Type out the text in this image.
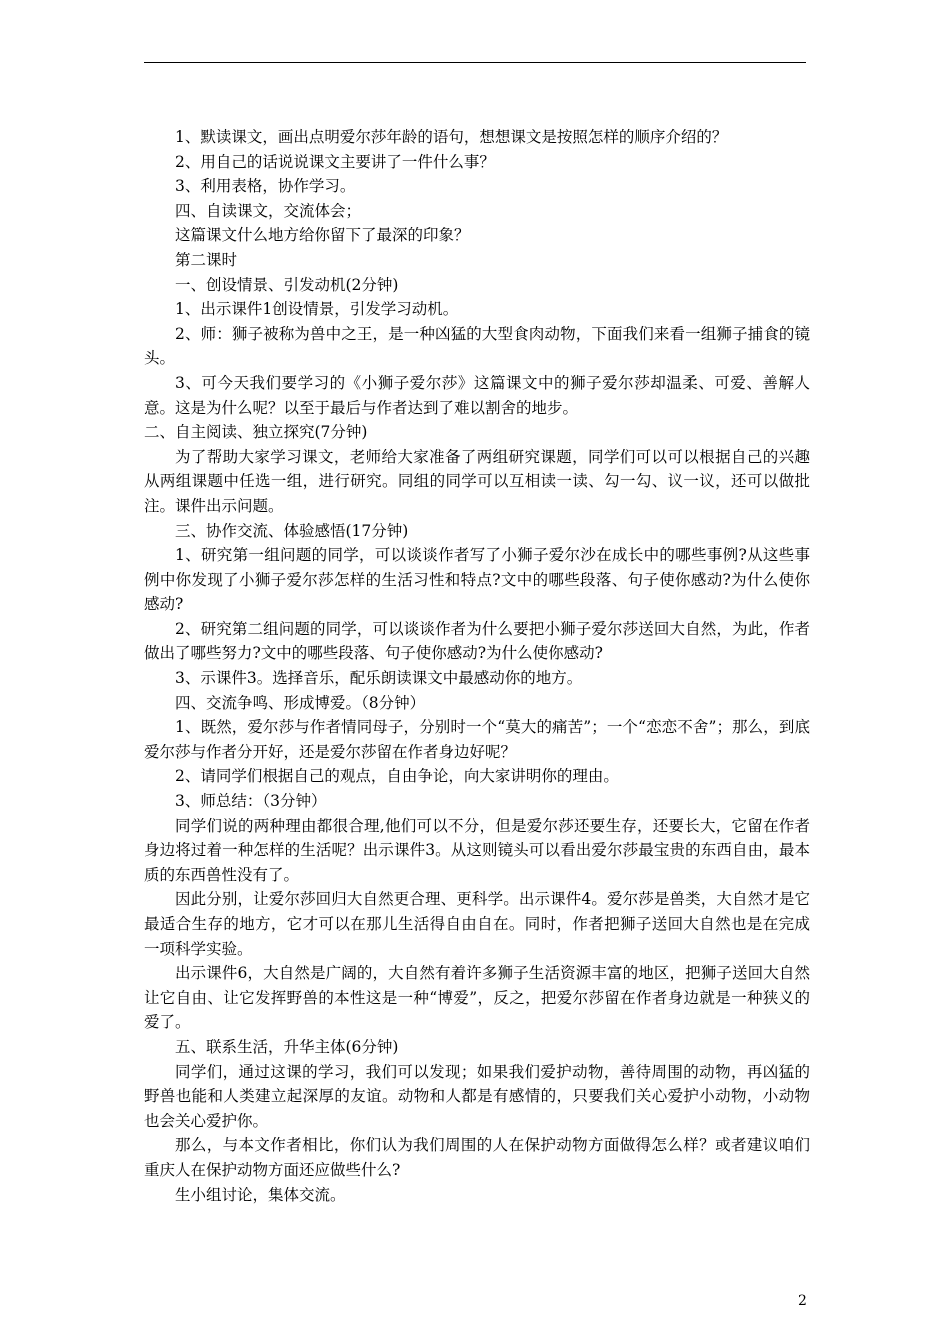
1、默读课文，画出点明爱尔莎年龄的语句，想想课文是按照怎样的顺序介绍的？

2、用自己的话说说课文主要讲了一件什么事？

3、利用表格，协作学习。

四、自读课文，交流体会；

这篇课文什么地方给你留下了最深的印象？

第二课时

一、创设情景、引发动机(2分钟)

1、出示课件1创设情景，引发学习动机。

2、师：狮子被称为兽中之王，是一种凶猛的大型食肉动物，下面我们来看一组狮子捕食的镜头。

3、可今天我们要学习的《小狮子爱尔莎》这篇课文中的狮子爱尔莎却温柔、可爱、善解人意。这是为什么呢？以至于最后与作者达到了难以割舍的地步。

二、自主阅读、独立探究(7分钟)

为了帮助大家学习课文，老师给大家准备了两组研究课题，同学们可以可以根据自己的兴趣从两组课题中任选一组，进行研究。同组的同学可以互相读一读、勾一勾、议一议，还可以做批注。课件出示问题。

三、协作交流、体验感悟(17分钟)

1、研究第一组问题的同学，可以谈谈作者写了小狮子爱尔沙在成长中的哪些事例?从这些事例中你发现了小狮子爱尔莎怎样的生活习性和特点?文中的哪些段落、句子使你感动?为什么使你感动?

2、研究第二组问题的同学，可以谈谈作者为什么要把小狮子爱尔莎送回大自然，为此，作者做出了哪些努力?文中的哪些段落、句子使你感动?为什么使你感动?

3、示课件3。选择音乐，配乐朗读课文中最感动你的地方。

四、交流争鸣、形成博爱。（8分钟）

1、既然，爱尔莎与作者情同母子，分别时一个“莫大的痛苦”；一个“恋恋不舍”；那么，到底爱尔莎与作者分开好，还是爱尔莎留在作者身边好呢？

2、请同学们根据自己的观点，自由争论，向大家讲明你的理由。

3、师总结：（3分钟）

同学们说的两种理由都很合理,他们可以不分，但是爱尔莎还要生存，还要长大，它留在作者身边将过着一种怎样的生活呢？出示课件3。从这则镜头可以看出爱尔莎最宝贵的东西自由，最本质的东西兽性没有了。

因此分别，让爱尔莎回归大自然更合理、更科学。出示课件4。爱尔莎是兽类，大自然才是它最适合生存的地方，它才可以在那儿生活得自由自在。同时，作者把狮子送回大自然也是在完成一项科学实验。

出示课件6，大自然是广阔的，大自然有着许多狮子生活资源丰富的地区，把狮子送回大自然让它自由、让它发挥野兽的本性这是一种“博爱”，反之，把爱尔莎留在作者身边就是一种狭义的爱了。

五、联系生活，升华主体(6分钟)

同学们，通过这课的学习，我们可以发现；如果我们爱护动物，善待周围的动物，再凶猛的野兽也能和人类建立起深厚的友谊。动物和人都是有感情的，只要我们关心爱护小动物，小动物也会关心爱护你。

那么，与本文作者相比，你们认为我们周围的人在保护动物方面做得怎么样？或者建议咱们重庆人在保护动物方面还应做些什么?

生小组讨论，集体交流。

2
